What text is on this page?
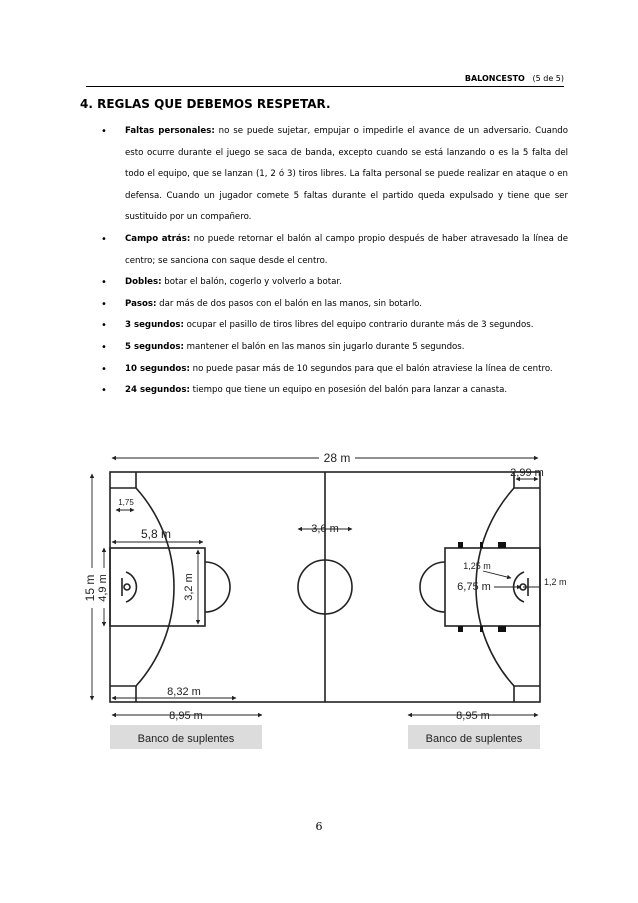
BALONCESTO (5 de 5)
4. REGLAS QUE DEBEMOS RESPETAR.
• Faltas personales: no se puede sujetar, empujar o impedirle el avance de un adversario. Cuando esto ocurre durante el juego se saca de banda, excepto cuando se está lanzando o es la 5 falta del todo el equipo, que se lanzan (1, 2 ó 3) tiros libres. La falta personal se puede realizar en ataque o en defensa. Cuando un jugador comete 5 faltas durante el partido queda expulsado y tiene que ser sustituido por un compañero.
• Campo atrás: no puede retornar el balón al campo propio después de haber atravesado la línea de centro; se sanciona con saque desde el centro.
• Dobles: botar el balón, cogerlo y volverlo a botar.
• Pasos: dar más de dos pasos con el balón en las manos, sin botarlo.
• 3 segundos: ocupar el pasillo de tiros libres del equipo contrario durante más de 3 segundos.
• 5 segundos: mantener el balón en las manos sin jugarlo durante 5 segundos.
• 10 segundos: no puede pasar más de 10 segundos para que el balón atraviese la línea de centro.
• 24 segundos: tiempo que tiene un equipo en posesión del balón para lanzar a canasta.
28 m
15 m 4,9 m
1,75
5,8 m
3,2 m
3,6 m
8,32 m
2,99 m
1,25 m
6,75 m	1,2 m
8,95 m	8,95 m
Banco de suplentes	Banco de suplentes
6
